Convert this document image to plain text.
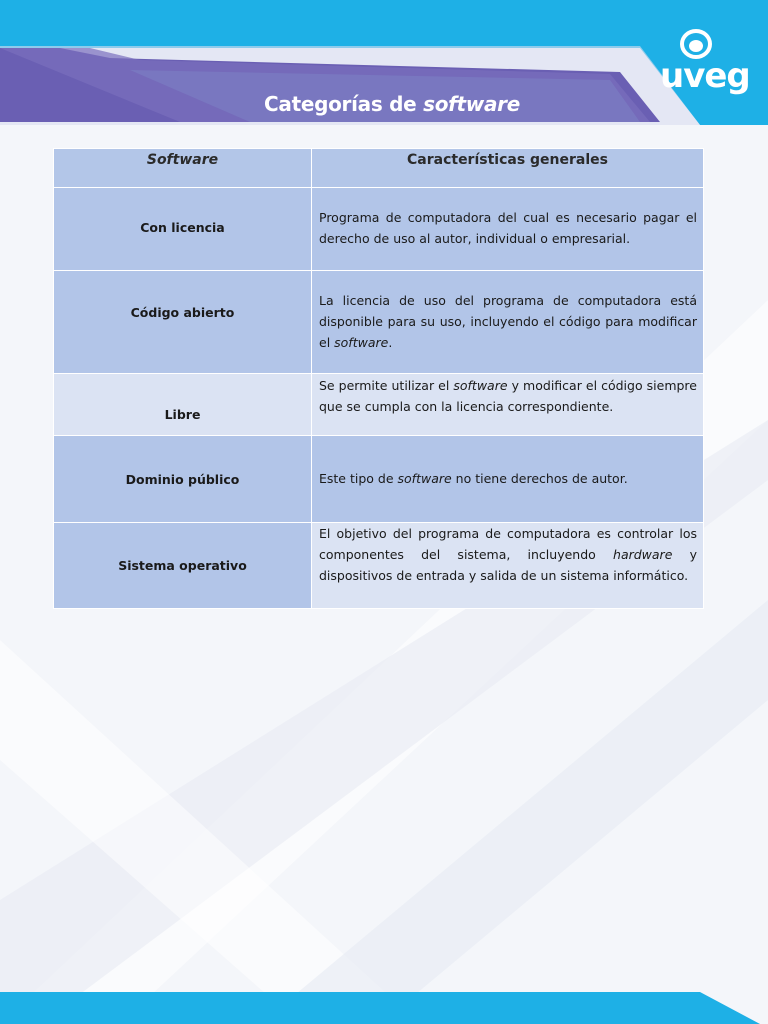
Categorías de software
uveg
Software	Características generales
Con licencia	Programa de computadora del cual es necesario pagar el derecho de uso al autor, individual o empresarial.
Código abierto	La licencia de uso del programa de computadora está disponible para su uso, incluyendo el código para modificar el software.
Libre	Se permite utilizar el software y modificar el código siempre que se cumpla con la licencia correspondiente.
Dominio público	Este tipo de software no tiene derechos de autor.
Sistema operativo	El objetivo del programa de computadora es controlar los componentes del sistema, incluyendo hardware y dispositivos de entrada y salida de un sistema informático.
